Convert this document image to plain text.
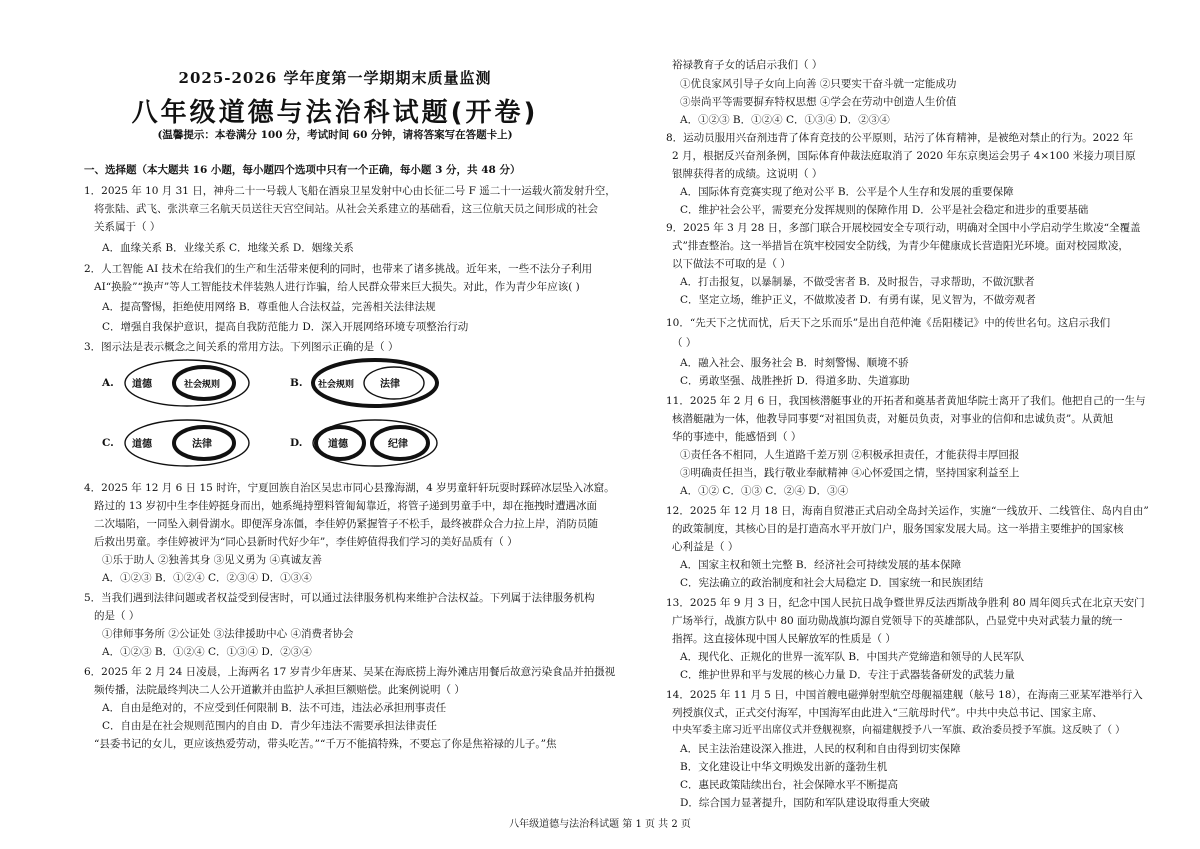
2025-2026 学年度第一学期期末质量监测
八年级道德与法治科试题(开卷)
(温馨提示：本卷满分 100 分，考试时间 60 分钟，请将答案写在答题卡上)
一、选择题（本大题共 16 小题，每小题四个选项中只有一个正确，每小题 3 分，共 48 分）
1．2025 年 10 月 31 日，神舟二十一号载人飞船在酒泉卫星发射中心由长征二号 F 遥二十一运载火箭发射升空，
将张陆、武飞、张洪章三名航天员送往天宫空间站。从社会关系建立的基础看，这三位航天员之间形成的社会
关系属于（ ）
A．血缘关系 B．业缘关系 C．地缘关系 D．姻缘关系
2．人工智能 AI 技术在给我们的生产和生活带来便利的同时，也带来了诸多挑战。近年来，一些不法分子利用
AI“换脸”“换声”等人工智能技术伴装熟人进行诈骗，给人民群众带来巨大损失。对此，作为青少年应该( )
A．提高警惕，拒绝使用网络 B．尊重他人合法权益，完善相关法律法规
C．增强自我保护意识，提高自我防范能力 D．深入开展网络环境专项整治行动
3．图示法是表示概念之间关系的常用方法。下列图示正确的是（ ）
A. 道德	社会规则	B. 社会规则	法律
C. 道德	法律	D.	道德	纪律
4．2025 年 12 月 6 日 15 时许，宁夏回族自治区吴忠市同心县豫海湖，4 岁男童轩轩玩耍时踩碎冰层坠入冰窟。
路过的 13 岁初中生李佳婷挺身而出，她系绳持塑料管匍匐靠近，将管子递到男童手中，却在拖拽时遭遇冰面
二次塌陷，一同坠入刺骨湖水。即便浑身冻僵，李佳婷仍紧握管子不松手，最终被群众合力拉上岸，消防员随
后救出男童。李佳婷被评为“同心县新时代好少年”，李佳婷值得我们学习的美好品质有（ ）
①乐于助人 ②独善其身 ③见义勇为 ④真诚友善
A．①②③ B．①②④ C．②③④ D．①③④
5．当我们遇到法律问题或者权益受到侵害时，可以通过法律服务机构来维护合法权益。下列属于法律服务机构
的是（ ）
①律师事务所 ②公证处 ③法律援助中心 ④消费者协会
A．①②③ B．①②④ C．①③④ D．②③④
6．2025 年 2 月 24 日凌晨，上海两名 17 岁青少年唐某、吴某在海底捞上海外滩店用餐后故意污染食品并拍摄视
频传播，法院最终判决二人公开道歉并由监护人承担巨额赔偿。此案例说明（ ）
A．自由是绝对的，不应受到任何限制 B．法不可违，违法必承担刑事责任
C．自由是在社会规则范围内的自由 D．青少年违法不需要承担法律责任
“县委书记的女儿，更应该热爱劳动，带头吃苦。”“千万不能搞特殊，不要忘了你是焦裕禄的儿子。”焦
裕禄教育子女的话启示我们（ ）
①优良家风引导子女向上向善 ②只要实干奋斗就一定能成功
③崇尚平等需要摒弃特权思想 ④学会在劳动中创造人生价值
A．①②③ B．①②④ C．①③④ D．②③④
8．运动员服用兴奋剂违背了体育竞技的公平原则，玷污了体育精神，是被绝对禁止的行为。2022 年
2 月，根据反兴奋剂条例，国际体育仲裁法庭取消了 2020 年东京奥运会男子 4×100 米接力项目原
银牌获得者的成绩。这说明（ ）
A．国际体育竞赛实现了绝对公平 B．公平是个人生存和发展的重要保障
C．维护社会公平，需要充分发挥规则的保障作用 D．公平是社会稳定和进步的重要基础
9．2025 年 3 月 28 日，多部门联合开展校园安全专项行动，明确对全国中小学启动学生欺凌“全覆盖
式”排查整治。这一举措旨在筑牢校园安全防线，为青少年健康成长营造阳光环境。面对校园欺凌，
以下做法不可取的是（ ）
A．打击报复，以暴制暴，不做受害者 B．及时报告，寻求帮助，不做沉默者
C．坚定立场，维护正义，不做欺凌者 D．有勇有谋，见义智为，不做旁观者
10．“先天下之忧而忧，后天下之乐而乐”是出自范仲淹《岳阳楼记》中的传世名句。这启示我们
（ ）
A．融入社会、服务社会 B．时刻警惕、顺境不骄
C．勇敢坚强、战胜挫折 D．得道多助、失道寡助
11．2025 年 2 月 6 日，我国核潜艇事业的开拓者和奠基者黄旭华院士离开了我们。他把自己的一生与
核潜艇融为一体，他教导同事要“对祖国负责，对艇员负责，对事业的信仰和忠诚负责”。从黄旭
华的事迹中，能感悟到（ ）
①责任各不相同，人生道路千差万别 ②积极承担责任，才能获得丰厚回报
③明确责任担当，践行敬业奉献精神 ④心怀爱国之情，坚持国家利益至上
A．①② C．①③ C．②④ D．③④
12．2025 年 12 月 18 日，海南自贸港正式启动全岛封关运作，实施“一线放开、二线管住、岛内自由”
的政策制度，其核心目的是打造高水平开放门户，服务国家发展大局。这一举措主要维护的国家核
心利益是（ ）
A．国家主权和领土完整 B．经济社会可持续发展的基本保障
C．宪法确立的政治制度和社会大局稳定 D．国家统一和民族团结
13．2025 年 9 月 3 日，纪念中国人民抗日战争暨世界反法西斯战争胜利 80 周年阅兵式在北京天安门
广场举行，战旗方队中 80 面功勋战旗均源自党领导下的英雄部队，凸显党中央对武装力量的统一
指挥。这直接体现中国人民解放军的性质是（ ）
A．现代化、正规化的世界一流军队 B．中国共产党缔造和领导的人民军队
C．维护世界和平与发展的核心力量 D．专注于武器装备研发的武装力量
14．2025 年 11 月 5 日，中国首艘电磁弹射型航空母舰福建舰（舷号 18），在海南三亚某军港举行入
列授旗仪式，正式交付海军，中国海军由此进入“三航母时代”。中共中央总书记、国家主席、
中央军委主席习近平出席仪式并登舰视察，向福建舰授予八一军旗、政治委员授予军旗。这反映了（ ）
A．民主法治建设深入推进，人民的权利和自由得到切实保障
B．文化建设让中华文明焕发出新的蓬勃生机
C．惠民政策陆续出台，社会保障水平不断提高
D．综合国力显著提升，国防和军队建设取得重大突破
八年级道德与法治科试题 第 1 页 共 2 页
